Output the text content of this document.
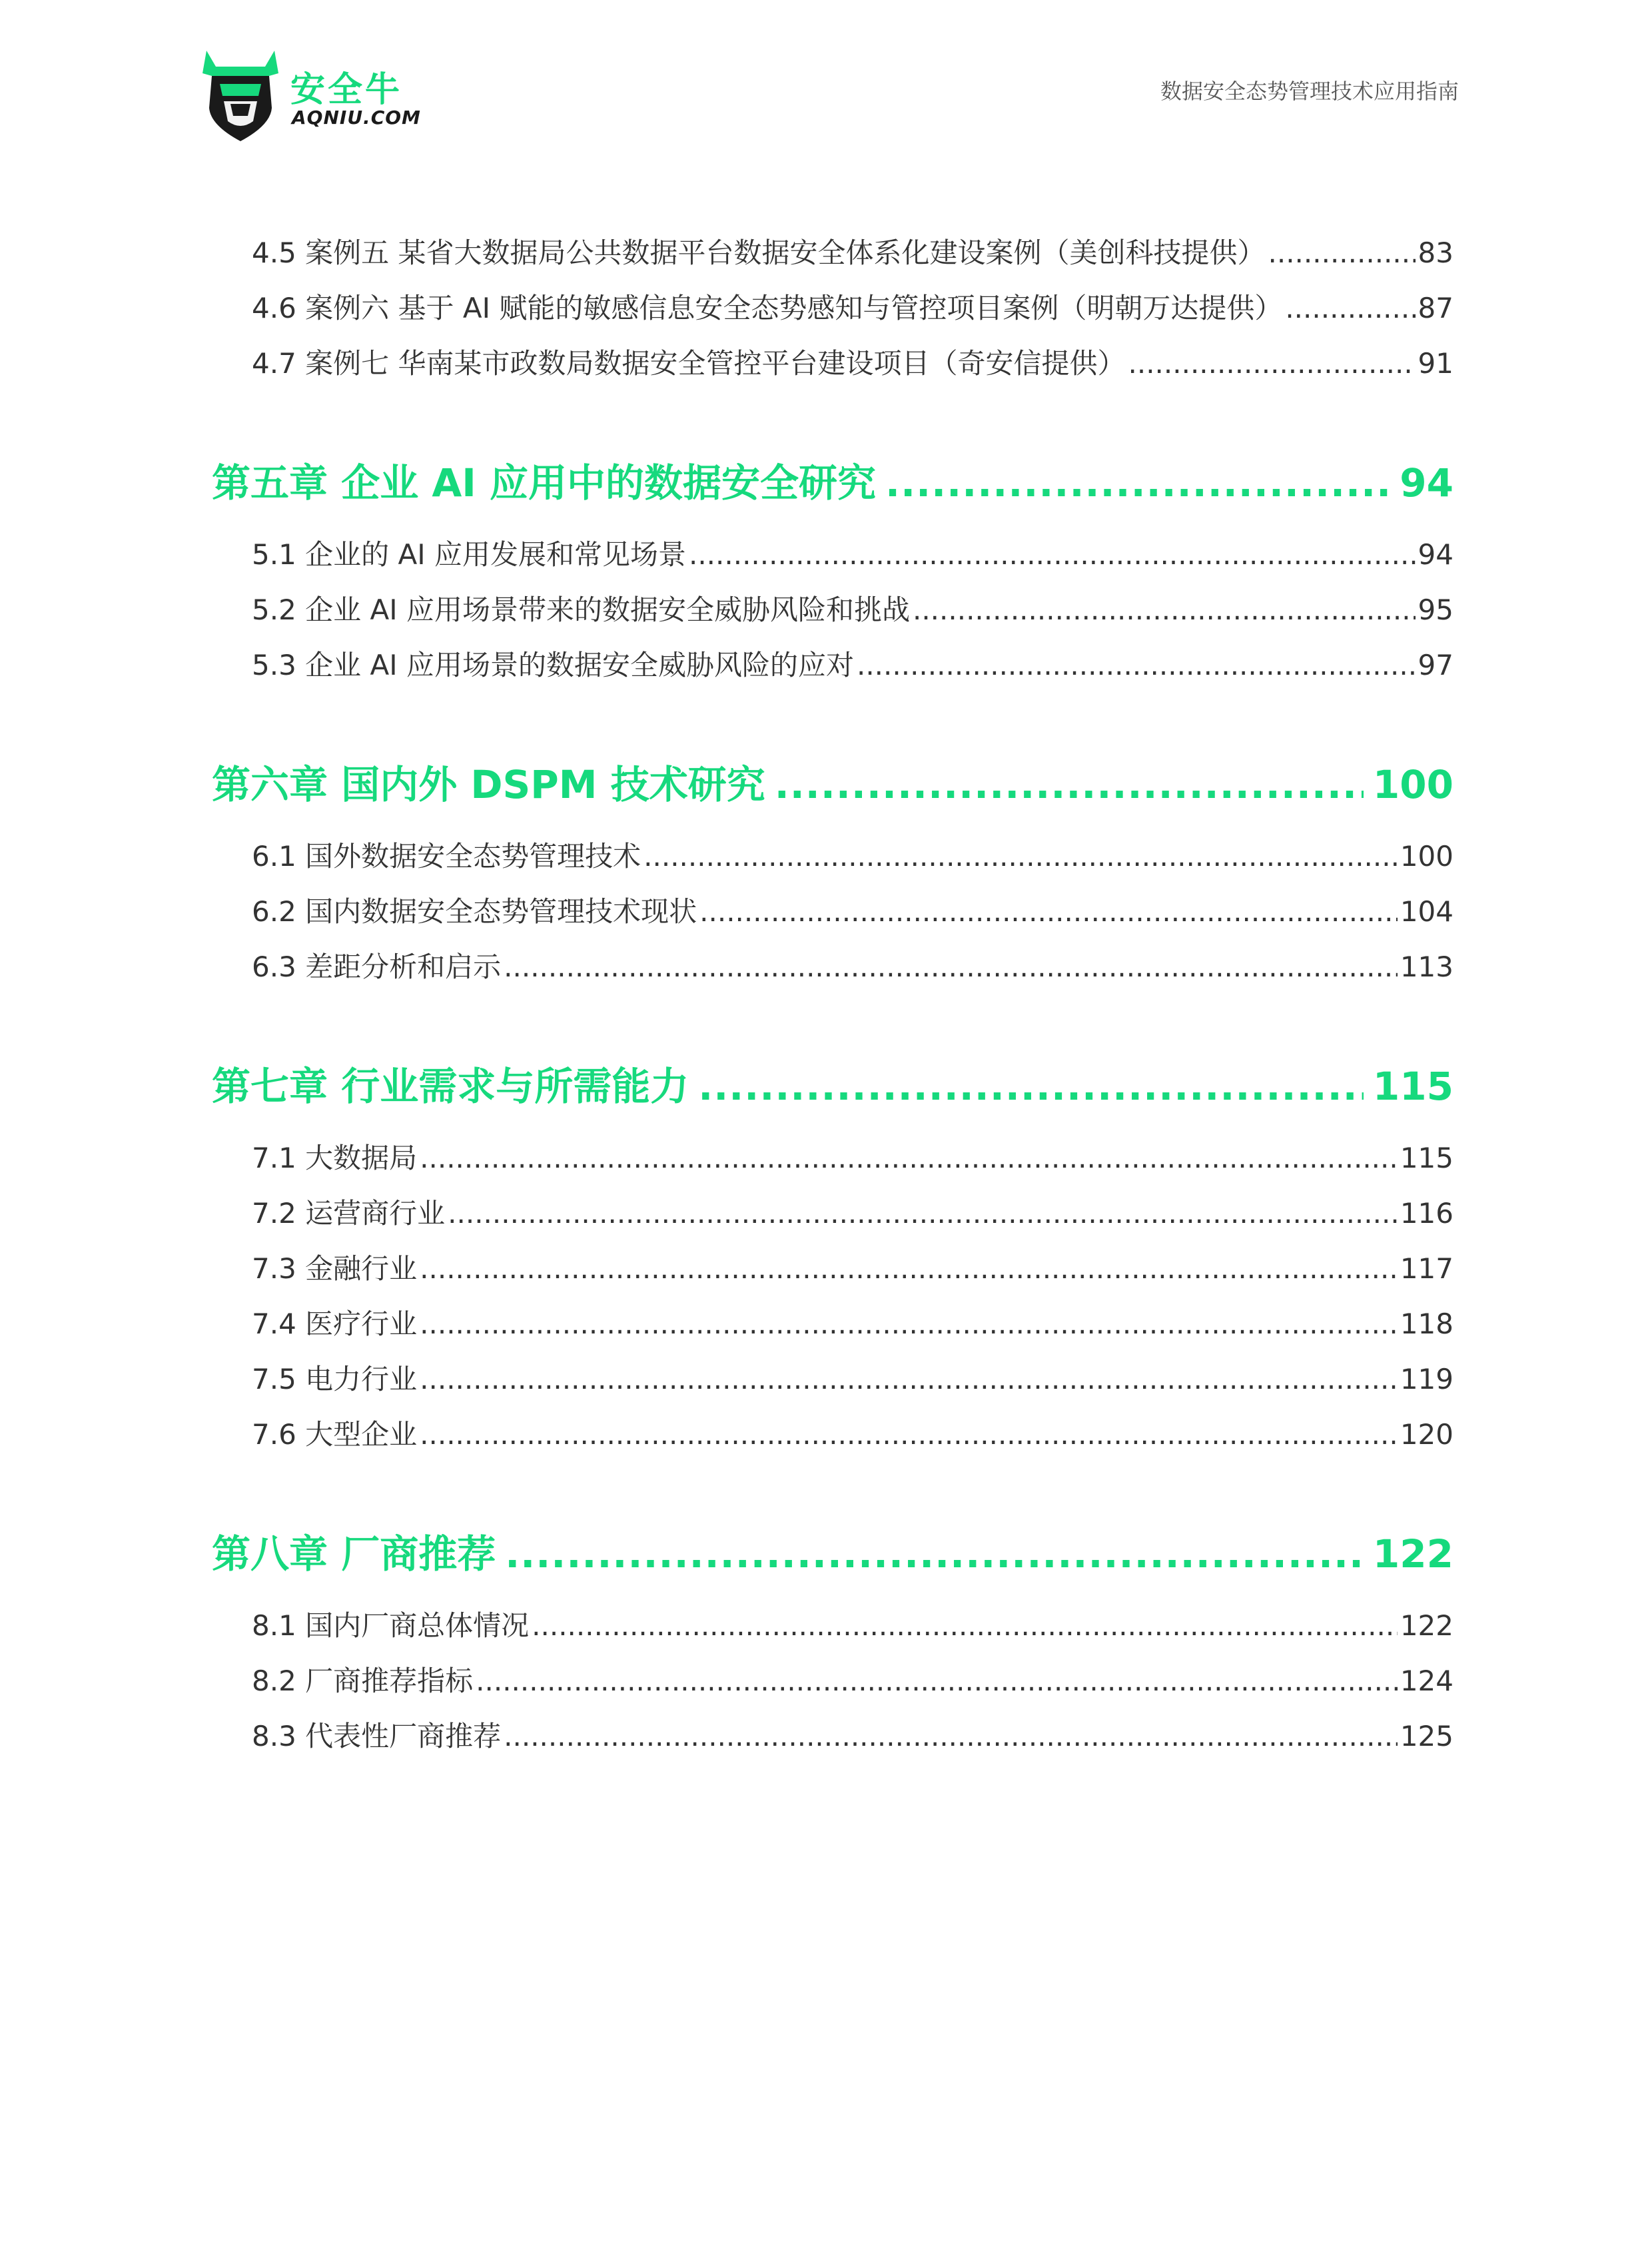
安全牛
AQNIU.COM
数据安全态势管理技术应用指南
4.5 案例五 某省大数据局公共数据平台数据安全体系化建设案例（美创科技提供） .....	83
4.6 案例六 基于 AI 赋能的敏感信息安全态势感知与管控项目案例（明朝万达提供） .....	87
4.7 案例七 华南某市政数局数据安全管控平台建设项目（奇安信提供） .....	91
第五章 企业 AI 应用中的数据安全研究 .....	94
5.1 企业的 AI 应用发展和常见场景 .....	94
5.2 企业 AI 应用场景带来的数据安全威胁风险和挑战 .....	95
5.3 企业 AI 应用场景的数据安全威胁风险的应对 .....	97
第六章 国内外 DSPM 技术研究 .....	100
6.1 国外数据安全态势管理技术 .....	100
6.2 国内数据安全态势管理技术现状 .....	104
6.3 差距分析和启示 .....	113
第七章 行业需求与所需能力 .....	115
7.1 大数据局 .....	115
7.2 运营商行业 .....	116
7.3 金融行业 .....	117
7.4 医疗行业 .....	118
7.5 电力行业 .....	119
7.6 大型企业 .....	120
第八章 厂商推荐 .....	122
8.1 国内厂商总体情况 .....	122
8.2 厂商推荐指标 .....	124
8.3 代表性厂商推荐 .....	125
